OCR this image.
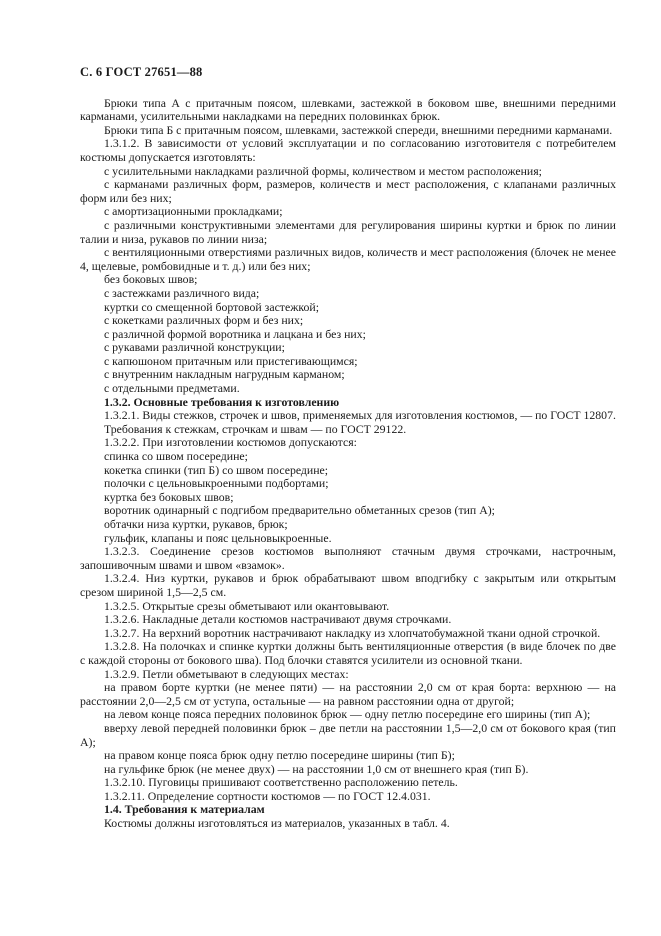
С. 6 ГОСТ 27651—88

Брюки типа А с притачным поясом, шлевками, застежкой в боковом шве, внешними передними карманами, усилительными накладками на передних половинках брюк.

Брюки типа Б с притачным поясом, шлевками, застежкой спереди, внешними передними карманами.

1.3.1.2. В зависимости от условий эксплуатации и по согласованию изготовителя с потребителем костюмы допускается изготовлять:

с усилительными накладками различной формы, количеством и местом расположения;

с карманами различных форм, размеров, количеств и мест расположения, с клапанами различных форм или без них;

с амортизационными прокладками;

с различными конструктивными элементами для регулирования ширины куртки и брюк по линии талии и низа, рукавов по линии низа;

с вентиляционными отверстиями различных видов, количеств и мест расположения (блочек не менее 4, щелевые, ромбовидные и т. д.) или без них;

без боковых швов;

с застежками различного вида;

куртки со смещенной бортовой застежкой;

с кокетками различных форм и без них;

с различной формой воротника и лацкана и без них;

с рукавами различной конструкции;

с капюшоном притачным или пристегивающимся;

с внутренним накладным нагрудным карманом;

с отдельными предметами.

1.3.2. Основные требования к изготовлению

1.3.2.1. Виды стежков, строчек и швов, применяемых для изготовления костюмов, — по ГОСТ 12807.

Требования к стежкам, строчкам и швам — по ГОСТ 29122.

1.3.2.2. При изготовлении костюмов допускаются:

спинка со швом посередине;

кокетка спинки (тип Б) со швом посередине;

полочки с цельновыкроенными подбортами;

куртка без боковых швов;

воротник одинарный с подгибом предварительно обметанных срезов (тип А);

обтачки низа куртки, рукавов, брюк;

гульфик, клапаны и пояс цельновыкроенные.

1.3.2.3. Соединение срезов костюмов выполняют стачным двумя строчками, настрочным, запошивочным швами и швом «взамок».

1.3.2.4. Низ куртки, рукавов и брюк обрабатывают швом вподгибку с закрытым или открытым срезом шириной 1,5—2,5 см.

1.3.2.5. Открытые срезы обметывают или окантовывают.

1.3.2.6. Накладные детали костюмов настрачивают двумя строчками.

1.3.2.7. На верхний воротник настрачивают накладку из хлопчатобумажной ткани одной строчкой.

1.3.2.8. На полочках и спинке куртки должны быть вентиляционные отверстия (в виде блочек по две с каждой стороны от бокового шва). Под блочки ставятся усилители из основной ткани.

1.3.2.9. Петли обметывают в следующих местах:

на правом борте куртки (не менее пяти) — на расстоянии 2,0 см от края борта: верхнюю — на расстоянии 2,0—2,5 см от уступа, остальные — на равном расстоянии одна от другой;

на левом конце пояса передних половинок брюк — одну петлю посередине его ширины (тип А);

вверху левой передней половинки брюк – две петли на расстоянии 1,5—2,0 см от бокового края (тип А);

на правом конце пояса брюк одну петлю посередине ширины (тип Б);

на гульфике брюк (не менее двух) — на расстоянии 1,0 см от внешнего края (тип Б).

1.3.2.10. Пуговицы пришивают соответственно расположению петель.

1.3.2.11. Определение сортности костюмов — по ГОСТ 12.4.031.

1.4. Требования к материалам

Костюмы должны изготовляться из материалов, указанных в табл. 4.
